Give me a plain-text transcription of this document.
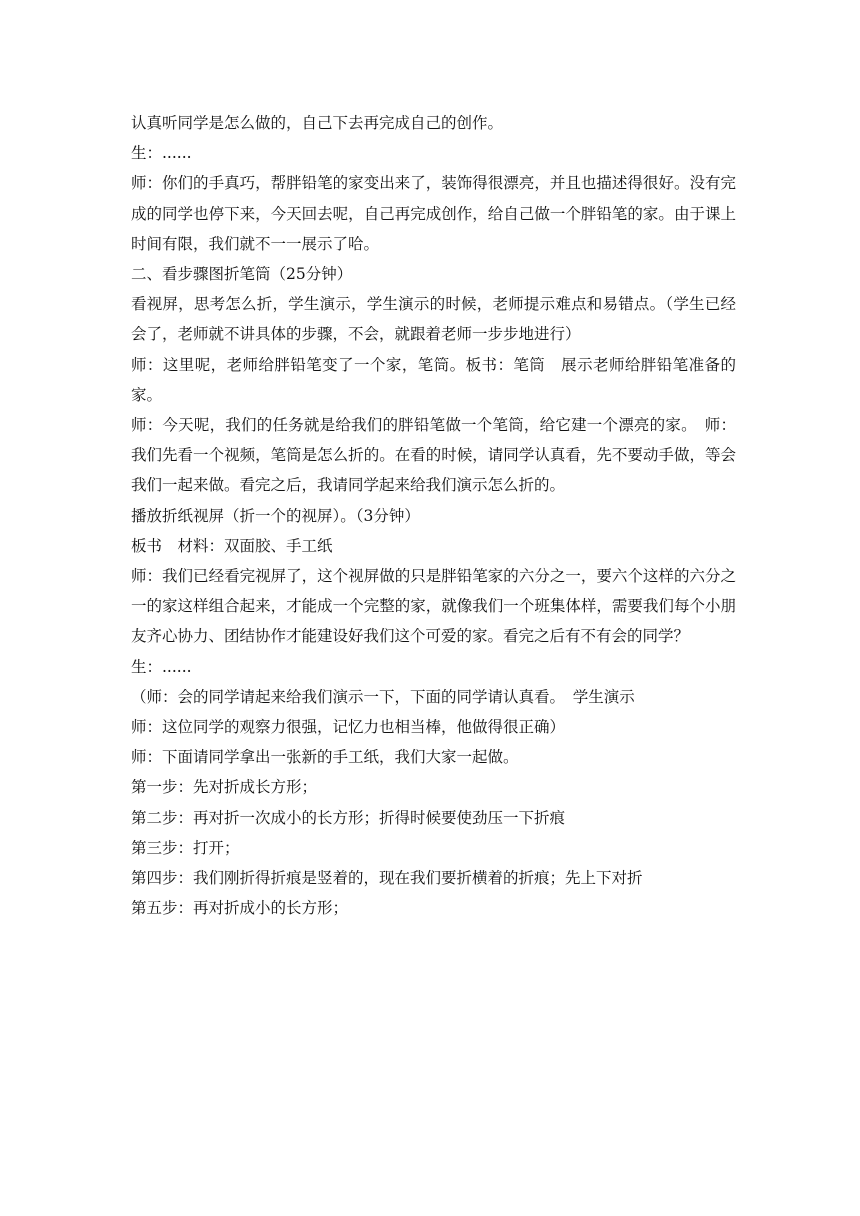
认真听同学是怎么做的，自己下去再完成自己的创作。

生：......

师：你们的手真巧，帮胖铅笔的家变出来了，装饰得很漂亮，并且也描述得很好。没有完成的同学也停下来，今天回去呢，自己再完成创作，给自己做一个胖铅笔的家。由于课上时间有限，我们就不一一展示了哈。

二、看步骤图折笔筒（25分钟）

看视屏，思考怎么折，学生演示，学生演示的时候，老师提示难点和易错点。（学生已经会了，老师就不讲具体的步骤，不会，就跟着老师一步步地进行）

师：这里呢，老师给胖铅笔变了一个家，笔筒。板书：笔筒　展示老师给胖铅笔准备的家。

师：今天呢，我们的任务就是给我们的胖铅笔做一个笔筒，给它建一个漂亮的家。　师：我们先看一个视频，笔筒是怎么折的。在看的时候，请同学认真看，先不要动手做，等会我们一起来做。看完之后，我请同学起来给我们演示怎么折的。

播放折纸视屏（折一个的视屏）。（3分钟）

板书　材料：双面胶、手工纸

师：我们已经看完视屏了，这个视屏做的只是胖铅笔家的六分之一，要六个这样的六分之一的家这样组合起来，才能成一个完整的家，就像我们一个班集体样，需要我们每个小朋友齐心协力、团结协作才能建设好我们这个可爱的家。看完之后有不有会的同学？

生：......

（师：会的同学请起来给我们演示一下，下面的同学请认真看。　学生演示

师：这位同学的观察力很强，记忆力也相当棒，他做得很正确）

师：下面请同学拿出一张新的手工纸，我们大家一起做。

第一步：先对折成长方形；

第二步：再对折一次成小的长方形；折得时候要使劲压一下折痕

第三步：打开；

第四步：我们刚折得折痕是竖着的，现在我们要折横着的折痕；先上下对折

第五步：再对折成小的长方形；
